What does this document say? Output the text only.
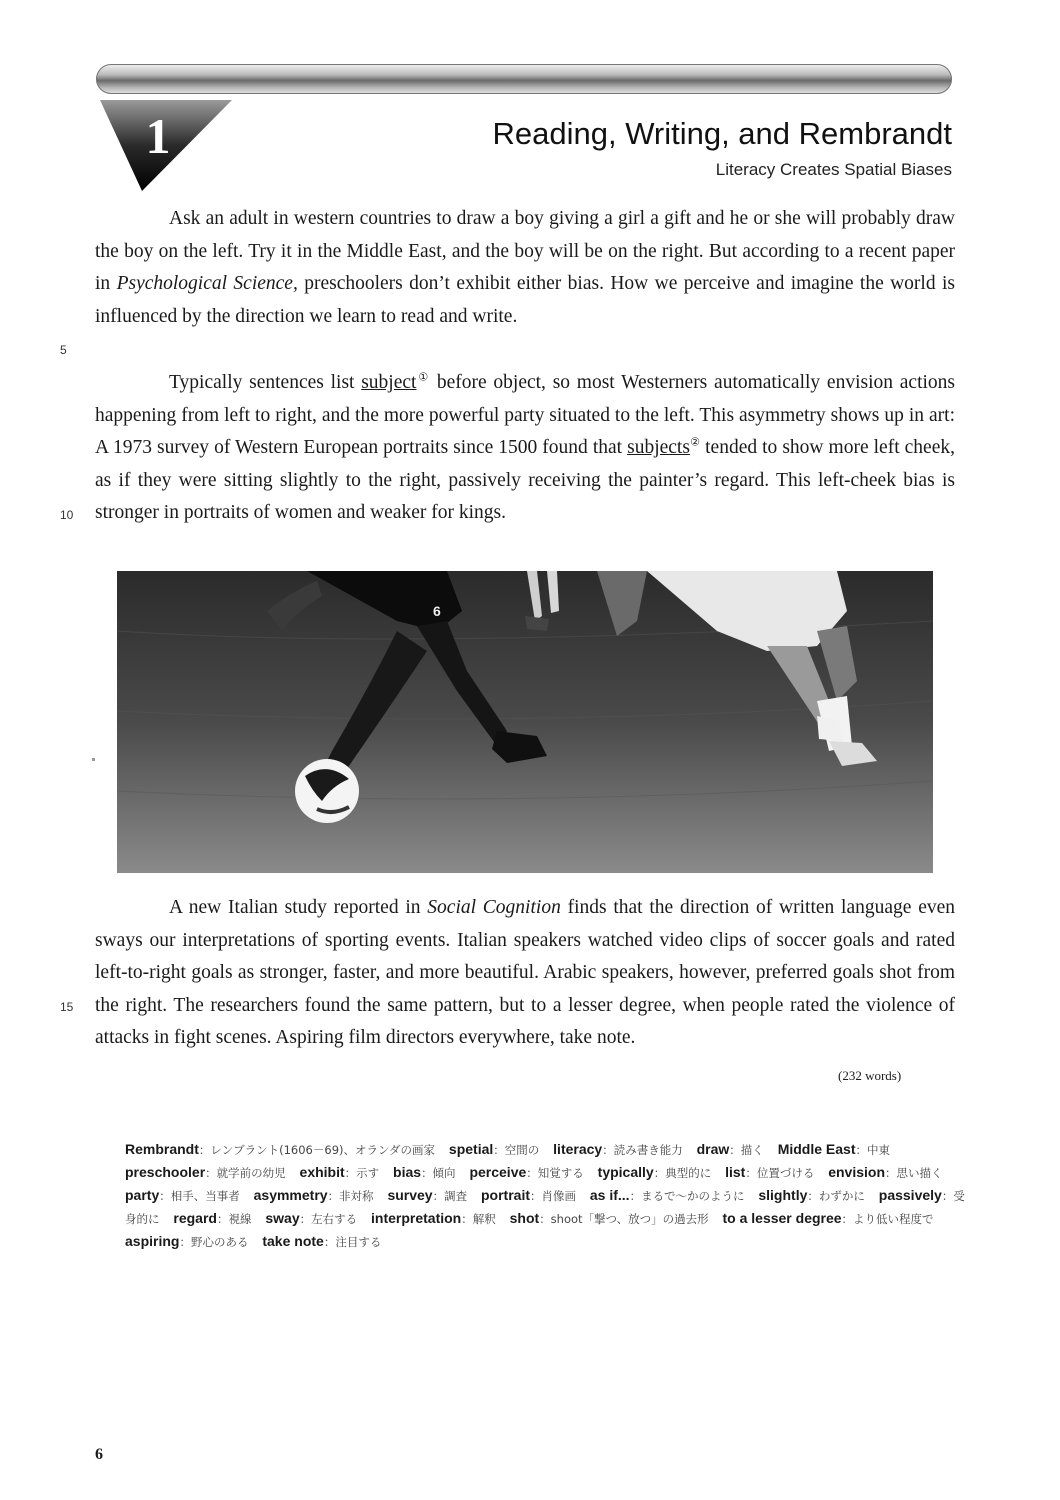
1	Reading, Writing, and Rembrandt
Literacy Creates Spatial Biases

Ask an adult in western countries to draw a boy giving a girl a gift and he or she will probably draw the boy on the left. Try it in the Middle East, and the boy will be on the right. But according to a recent paper in Psychological Science, preschoolers don’t exhibit either bias. How we perceive and imagine the world is influenced by the direction we learn to read and write.

Typically sentences list subject① before object, so most Westerners automatically envision actions happening from left to right, and the more powerful party situated to the left. This asymmetry shows up in art: A 1973 survey of Western European portraits since 1500 found that subjects② tended to show more left cheek, as if they were sitting slightly to the right, passively receiving the painter’s regard. This left-cheek bias is stronger in portraits of women and weaker for kings.

5
10
15
6

A new Italian study reported in Social Cognition finds that the direction of written language even sways our interpretations of sporting events. Italian speakers watched video clips of soccer goals and rated left-to-right goals as stronger, faster, and more beautiful. Arabic speakers, however, preferred goals shot from the right. The researchers found the same pattern, but to a lesser degree, when people rated the violence of attacks in fight scenes. Aspiring film directors everywhere, take note.

(232 words)

Rembrandt：レンブラント(1606－69)、オランダの画家 spetial：空間の literacy：読み書き能力 draw：描く Middle East：中東 preschooler：就学前の幼児 exhibit：示す bias：傾向 perceive：知覚する typically：典型的に list：位置づける envision：思い描く party：相手、当事者 asymmetry：非対称 survey：調査 portrait：肖像画 as if...：まるで～かのように slightly：わずかに passively：受身的に regard：視線 sway：左右する interpretation：解釈 shot：shoot「撃つ、放つ」の過去形 to a lesser degree：より低い程度で aspiring：野心のある take note：注目する

6
